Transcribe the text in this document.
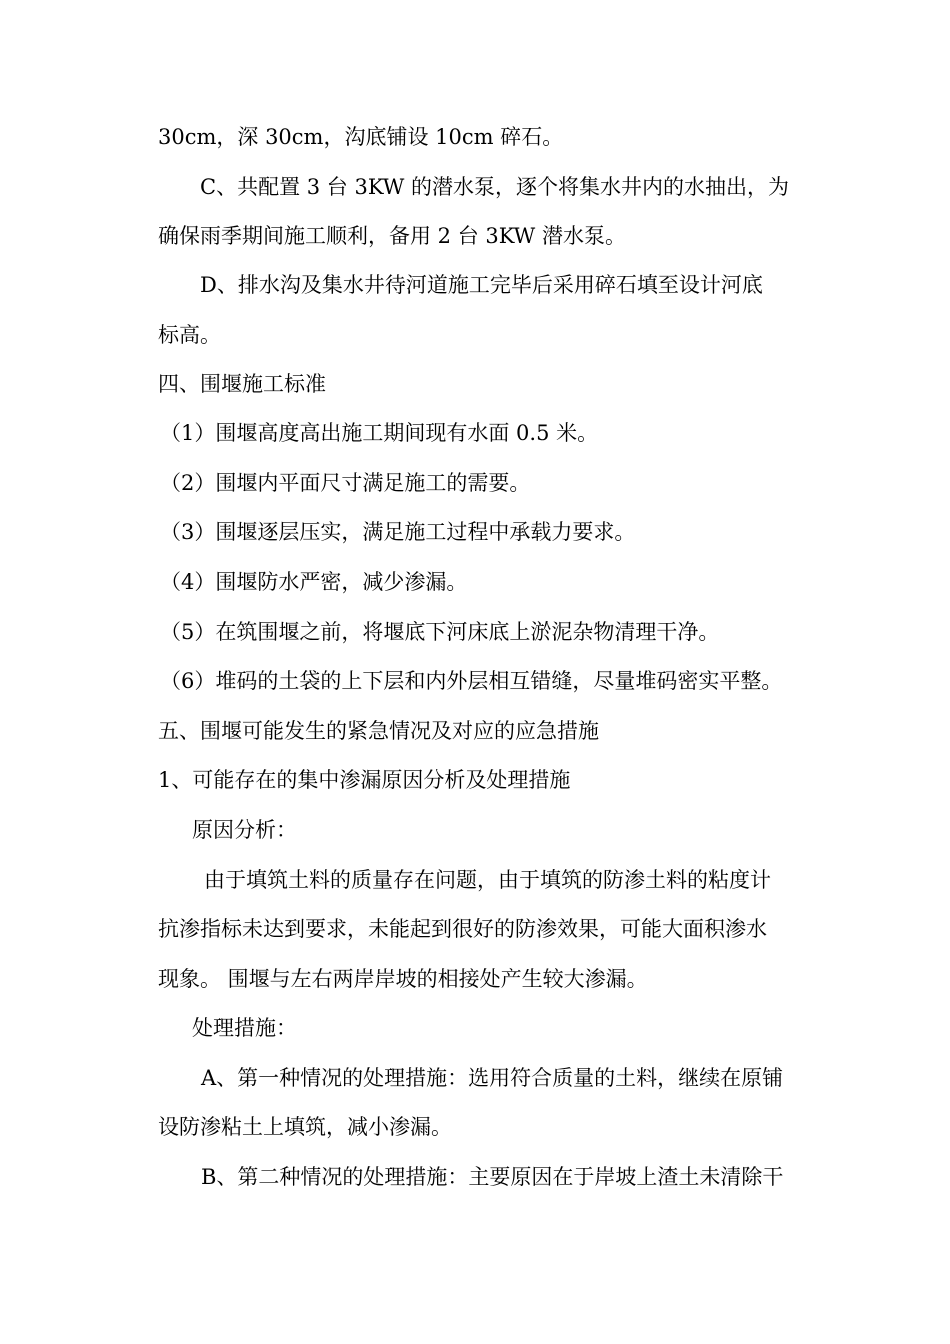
30cm，深 30cm，沟底铺设 10cm 碎石。
C、共配置 3 台 3KW 的潜水泵，逐个将集水井内的水抽出，为
确保雨季期间施工顺利，备用 2 台 3KW 潜水泵。
D、排水沟及集水井待河道施工完毕后采用碎石填至设计河底
标高。
四、围堰施工标准
（1）围堰高度高出施工期间现有水面 0.5 米。
（2）围堰内平面尺寸满足施工的需要。
（3）围堰逐层压实，满足施工过程中承载力要求。
（4）围堰防水严密，减少渗漏。
（5）在筑围堰之前，将堰底下河床底上淤泥杂物清理干净。
（6）堆码的土袋的上下层和内外层相互错缝，尽量堆码密实平整。
五、围堰可能发生的紧急情况及对应的应急措施
1、可能存在的集中渗漏原因分析及处理措施
原因分析：
由于填筑土料的质量存在问题，由于填筑的防渗土料的粘度计
抗渗指标未达到要求，未能起到很好的防渗效果，可能大面积渗水
现象。 围堰与左右两岸岸坡的相接处产生较大渗漏。
处理措施：
A、第一种情况的处理措施：选用符合质量的土料，继续在原铺
设防渗粘土上填筑，减小渗漏。
B、第二种情况的处理措施：主要原因在于岸坡上渣土未清除干
